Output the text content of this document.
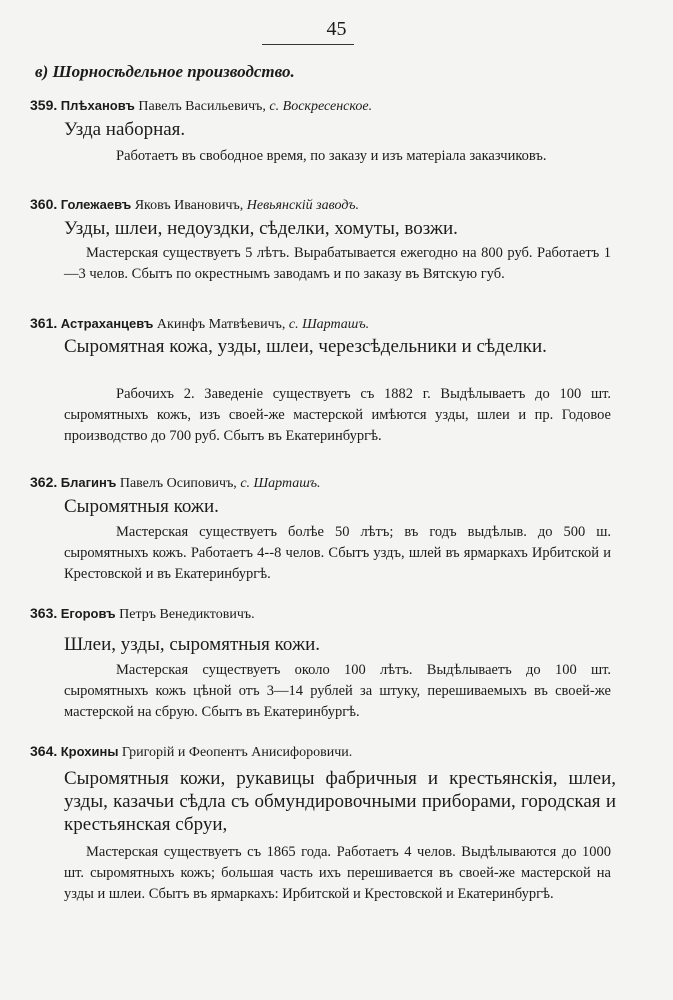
45
в) Шорносѣдельное производство.
359. Плѣхановъ Павелъ Васильевичъ, с. Воскресенское.
Узда наборная.
Работаетъ въ свободное время, по заказу и изъ матеріала заказчиковъ.
360. Голежаевъ Яковъ Ивановичъ, Невьянскій заводъ.
Узды, шлеи, недоуздки, сѣделки, хомуты, возжи.
Мастерская существуетъ 5 лѣтъ. Вырабатывается ежегодно на 800 руб. Работаетъ 1—3 челов. Сбытъ по окрестнымъ заводамъ и по заказу въ Вятскую губ.
361. Астраханцевъ Акинфъ Матвѣевичъ, с. Шарташъ.
Сыромятная кожа, узды, шлеи, черезсѣдельники и сѣделки.
Рабочихъ 2. Заведеніе существуетъ съ 1882 г. Выдѣлываетъ до 100 шт. сыромятныхъ кожъ, изъ своей-же мастерской имѣются узды, шлеи и пр. Годовое производство до 700 руб. Сбытъ въ Екатеринбургѣ.
362. Благинъ Павелъ Осиповичъ, с. Шарташъ.
Сыромятныя кожи.
Мастерская существуетъ болѣе 50 лѣтъ; въ годъ выдѣлыв. до 500 ш. сыромятныхъ кожъ. Работаетъ 4--8 челов. Сбытъ уздъ, шлей въ ярмаркахъ Ирбитской и Крестовской и въ Екатеринбургѣ.
363. Егоровъ Петръ Венедиктовичъ.
Шлеи, узды, сыромятныя кожи.
Мастерская существуетъ около 100 лѣтъ. Выдѣлываетъ до 100 шт. сыромятныхъ кожъ цѣной отъ 3—14 рублей за штуку, перешиваемыхъ въ своей-же мастерской на сбрую. Сбытъ въ Екатеринбургѣ.
364. Крохины Григорій и Феопентъ Анисифоровичи.
Сыромятныя кожи, рукавицы фабричныя и крестьянскія, шлеи, узды, казачьи сѣдла съ обмундировочными приборами, городская и крестьянская сбруи,
Мастерская существуетъ съ 1865 года. Работаетъ 4 челов. Выдѣлываются до 1000 шт. сыромятныхъ кожъ; большая часть ихъ перешивается въ своей-же мастерской на узды и шлеи. Сбытъ въ ярмаркахъ: Ирбитской и Крестовской и Екатеринбургѣ.
